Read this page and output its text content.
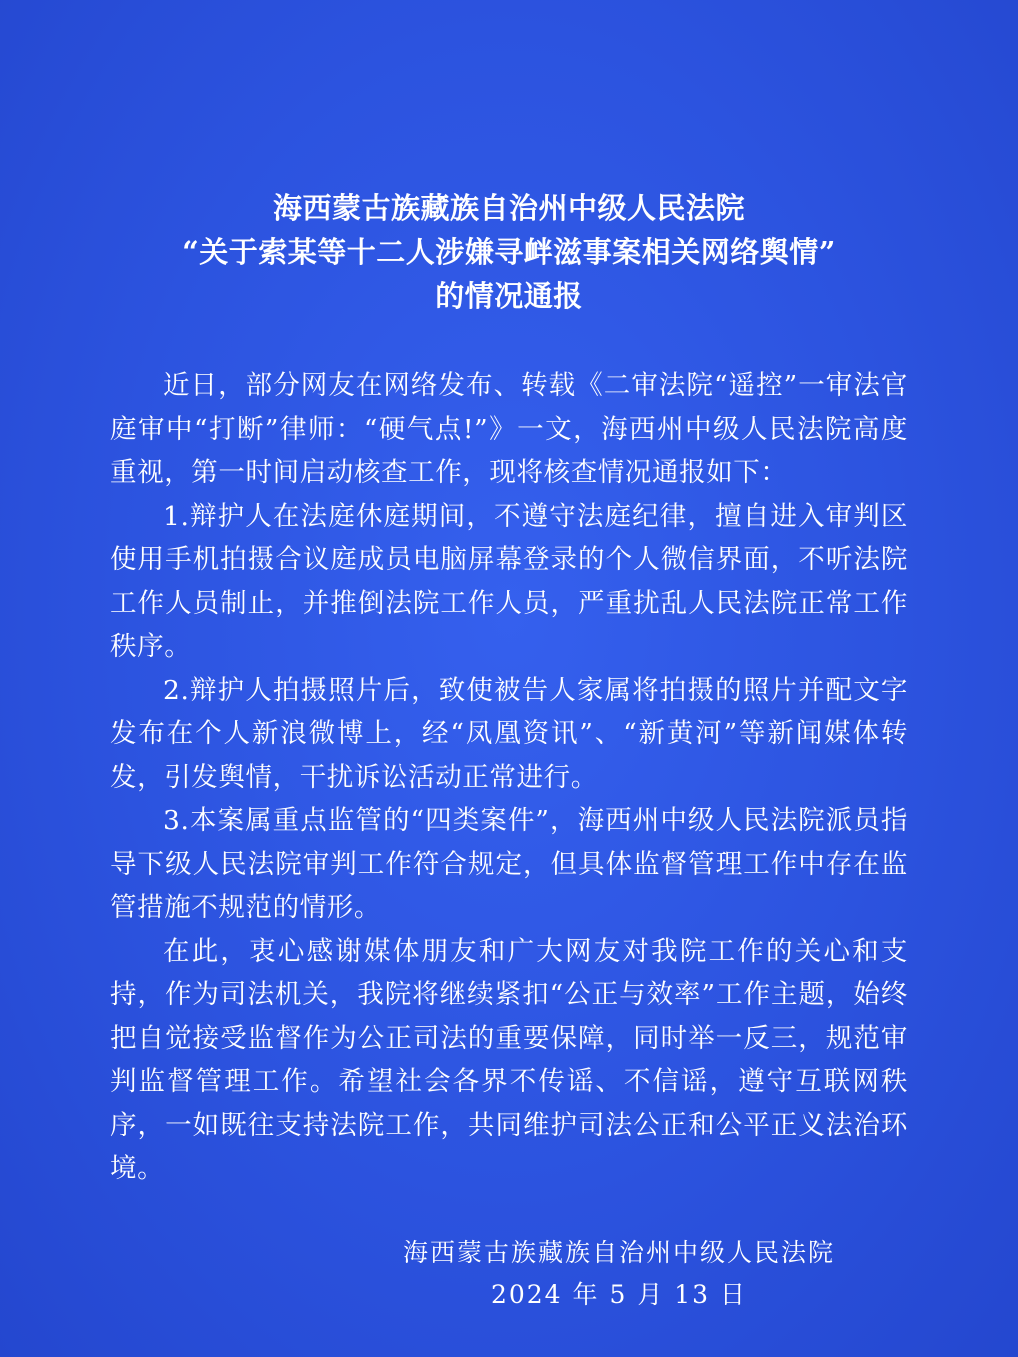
海西蒙古族藏族自治州中级人民法院
“关于索某等十二人涉嫌寻衅滋事案相关网络舆情”
的情况通报

近日，部分网友在网络发布、转载《二审法院“遥控”一审法官庭审中“打断”律师：“硬气点!”》一文，海西州中级人民法院高度重视，第一时间启动核查工作，现将核查情况通报如下：

1.辩护人在法庭休庭期间，不遵守法庭纪律，擅自进入审判区使用手机拍摄合议庭成员电脑屏幕登录的个人微信界面，不听法院工作人员制止，并推倒法院工作人员，严重扰乱人民法院正常工作秩序。

2.辩护人拍摄照片后，致使被告人家属将拍摄的照片并配文字发布在个人新浪微博上，经“凤凰资讯”、“新黄河”等新闻媒体转发，引发舆情，干扰诉讼活动正常进行。

3.本案属重点监管的“四类案件”，海西州中级人民法院派员指导下级人民法院审判工作符合规定，但具体监督管理工作中存在监管措施不规范的情形。

在此，衷心感谢媒体朋友和广大网友对我院工作的关心和支持，作为司法机关，我院将继续紧扣“公正与效率”工作主题，始终把自觉接受监督作为公正司法的重要保障，同时举一反三，规范审判监督管理工作。希望社会各界不传谣、不信谣，遵守互联网秩序，一如既往支持法院工作，共同维护司法公正和公平正义法治环境。

海西蒙古族藏族自治州中级人民法院
2024 年 5 月 13 日
